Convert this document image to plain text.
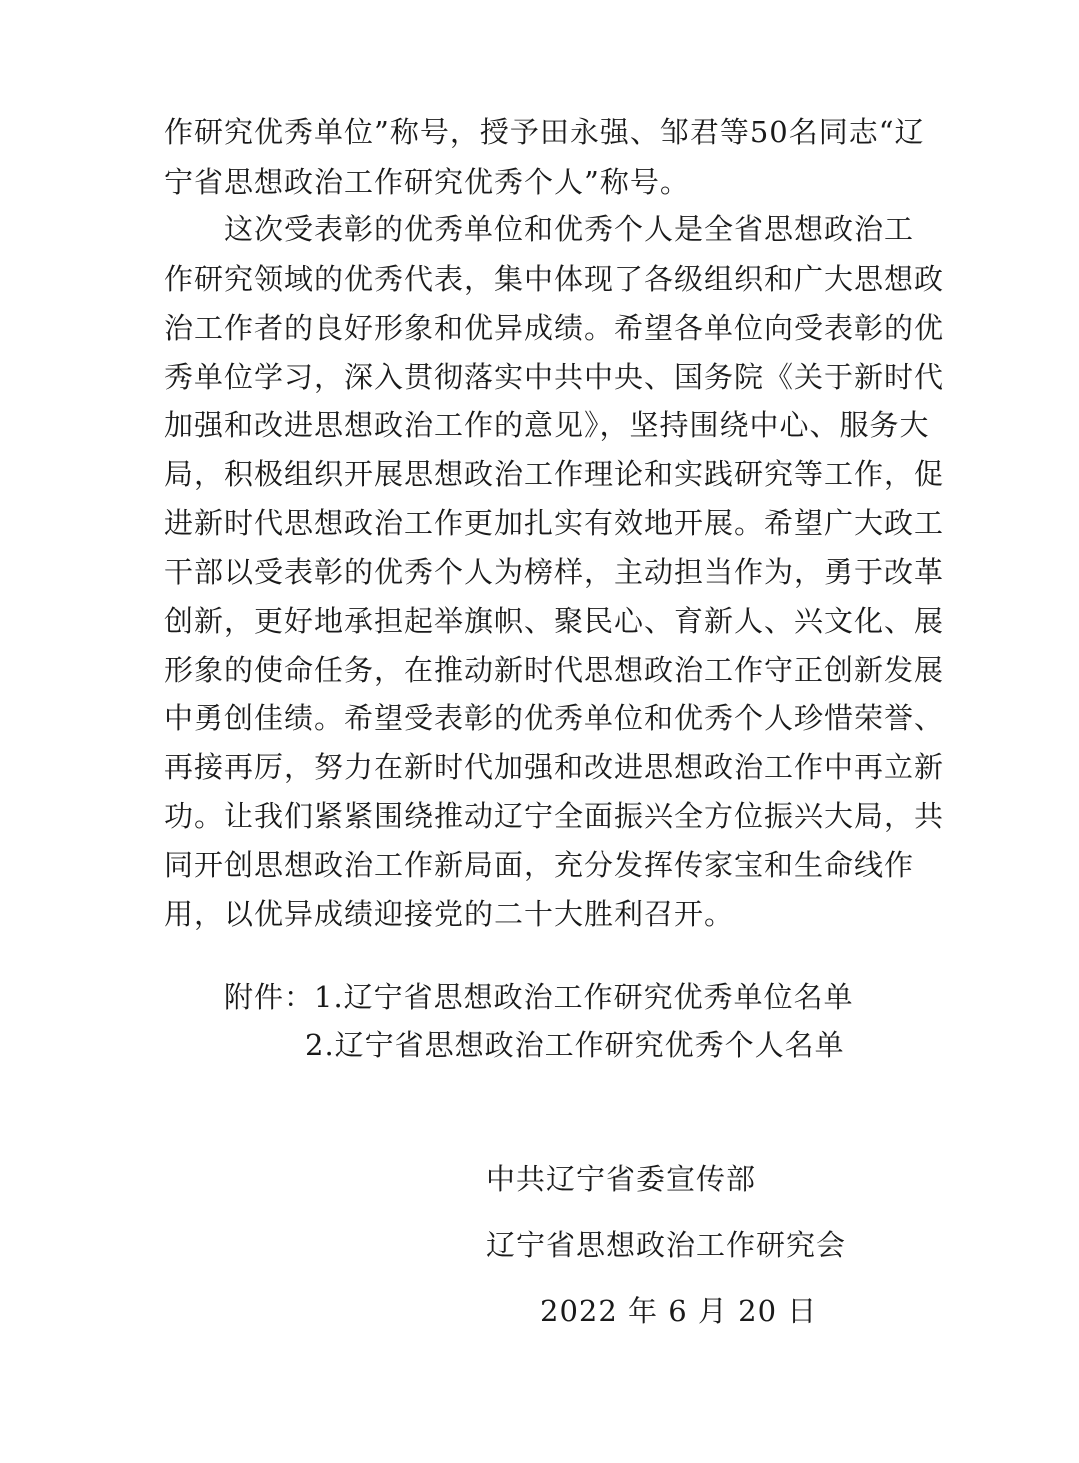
作研究优秀单位”称号，授予田永强、邹君等50名同志“辽
宁省思想政治工作研究优秀个人”称号。
这次受表彰的优秀单位和优秀个人是全省思想政治工
作研究领域的优秀代表，集中体现了各级组织和广大思想政
治工作者的良好形象和优异成绩。希望各单位向受表彰的优
秀单位学习，深入贯彻落实中共中央、国务院《关于新时代
加强和改进思想政治工作的意见》，坚持围绕中心、服务大
局，积极组织开展思想政治工作理论和实践研究等工作，促
进新时代思想政治工作更加扎实有效地开展。希望广大政工
干部以受表彰的优秀个人为榜样，主动担当作为，勇于改革
创新，更好地承担起举旗帜、聚民心、育新人、兴文化、展
形象的使命任务，在推动新时代思想政治工作守正创新发展
中勇创佳绩。希望受表彰的优秀单位和优秀个人珍惜荣誉、
再接再厉，努力在新时代加强和改进思想政治工作中再立新
功。让我们紧紧围绕推动辽宁全面振兴全方位振兴大局，共
同开创思想政治工作新局面，充分发挥传家宝和生命线作
用，以优异成绩迎接党的二十大胜利召开。
附件：1.辽宁省思想政治工作研究优秀单位名单
2.辽宁省思想政治工作研究优秀个人名单
中共辽宁省委宣传部
辽宁省思想政治工作研究会
2022 年 6 月 20 日
